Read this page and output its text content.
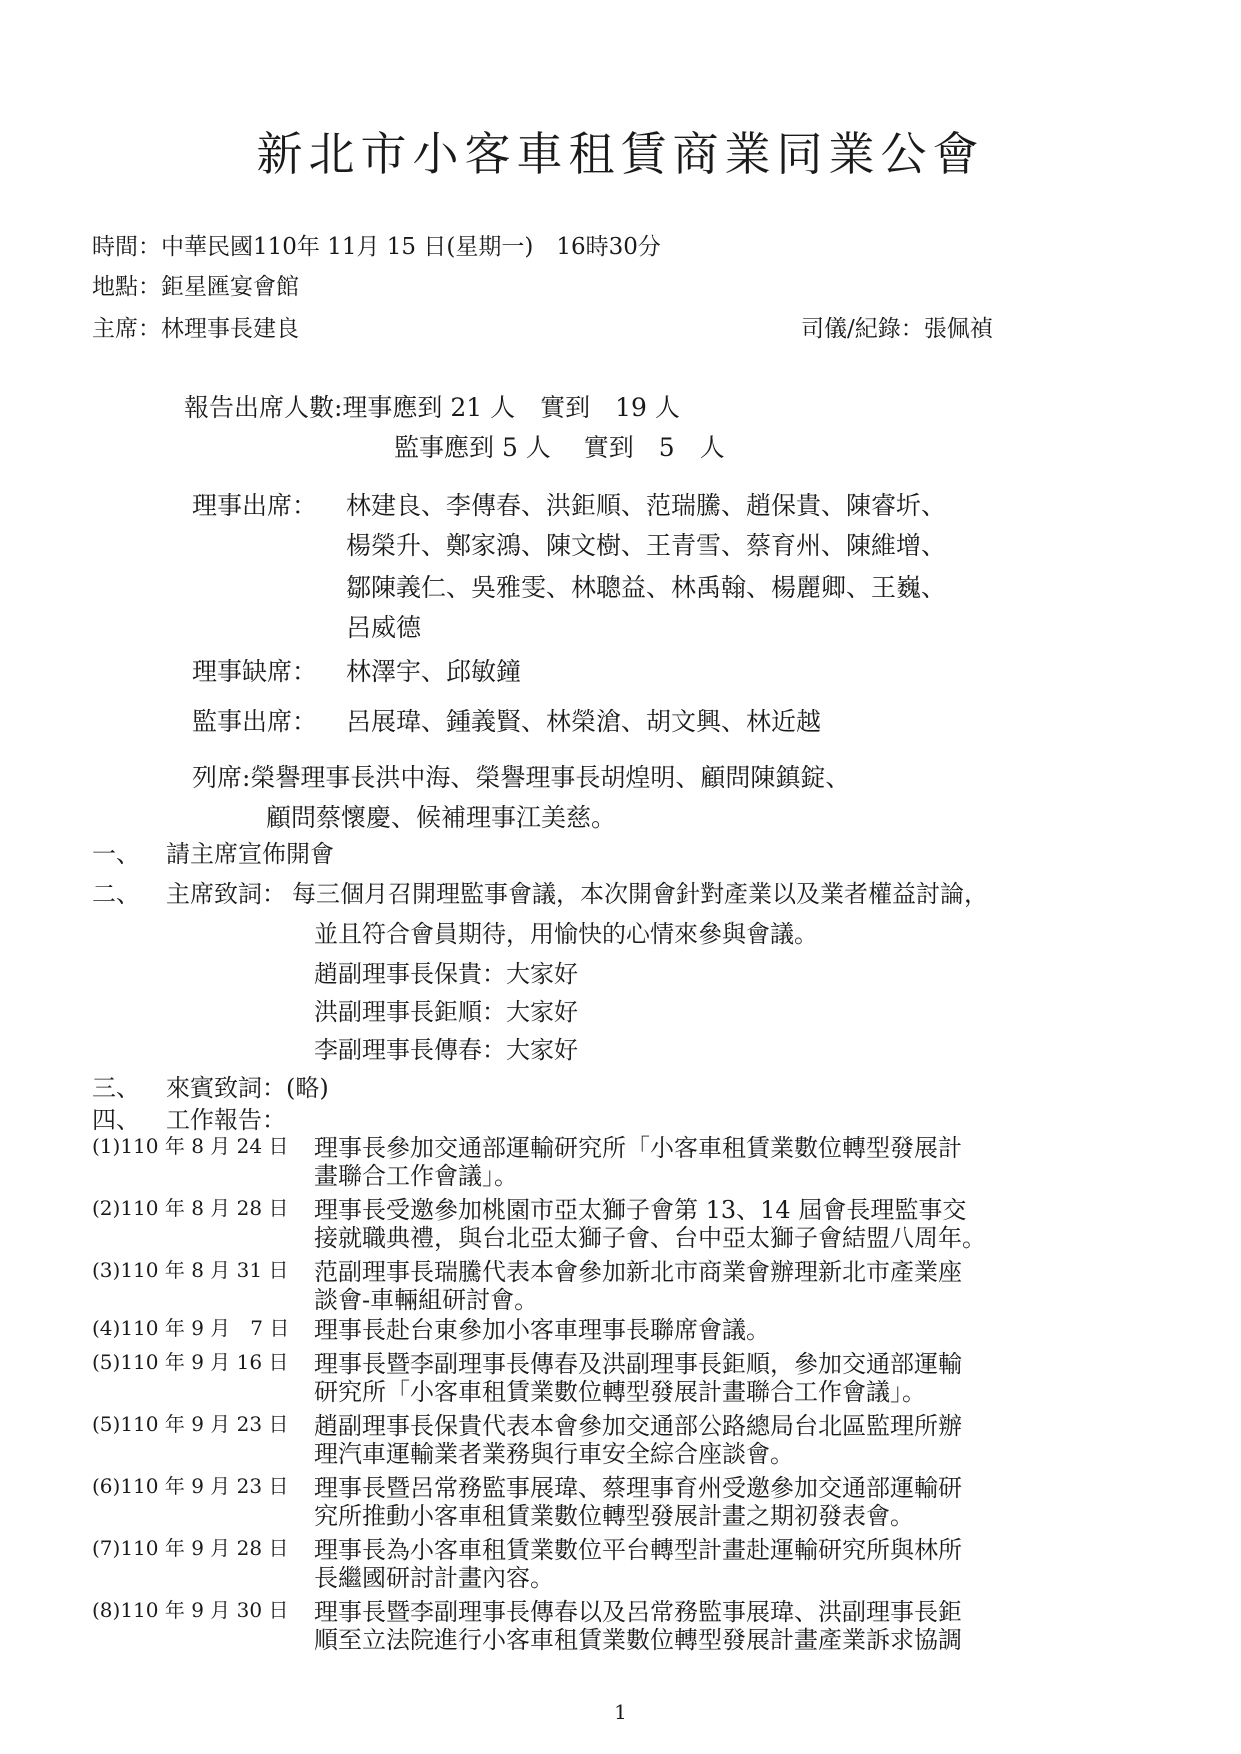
新北市小客車租賃商業同業公會
時間：中華民國110年 11月 15 日(星期一)　16時30分
地點：鉅星匯宴會館
主席：林理事長建良	司儀/紀錄：張佩禎
報告出席人數:理事應到 21 人　實到　19 人
監事應到 5 人　 實到　5　人
理事出席： 林建良、李傳春、洪鉅順、范瑞騰、趙保貴、陳睿圻、
楊榮升、鄭家鴻、陳文樹、王青雪、蔡育州、陳維增、
鄒陳義仁、吳雅雯、林聰益、林禹翰、楊麗卿、王巍、
呂威德
理事缺席： 林澤宇、邱敏鐘
監事出席： 呂展瑋、鍾義賢、林榮滄、胡文興、林近越
列席:榮譽理事長洪中海、榮譽理事長胡煌明、顧問陳鎮錠、
顧問蔡懷慶、候補理事江美慈。
一、 請主席宣佈開會
二、 主席致詞： 每三個月召開理監事會議，本次開會針對產業以及業者權益討論，
並且符合會員期待，用愉快的心情來參與會議。
趙副理事長保貴：大家好
洪副理事長鉅順：大家好
李副理事長傳春：大家好
三、 來賓致詞：(略)
四、 工作報告：
(1)110 年 8 月 24 日 理事長參加交通部運輸研究所「小客車租賃業數位轉型發展計
畫聯合工作會議」。
(2)110 年 8 月 28 日 理事長受邀參加桃園市亞太獅子會第 13、14 屆會長理監事交
接就職典禮，與台北亞太獅子會、台中亞太獅子會結盟八周年。
(3)110 年 8 月 31 日 范副理事長瑞騰代表本會參加新北市商業會辦理新北市產業座
談會-車輛組研討會。
(4)110 年 9 月　7 日 理事長赴台東參加小客車理事長聯席會議。
(5)110 年 9 月 16 日 理事長暨李副理事長傳春及洪副理事長鉅順，參加交通部運輸
研究所「小客車租賃業數位轉型發展計畫聯合工作會議」。
(5)110 年 9 月 23 日 趙副理事長保貴代表本會參加交通部公路總局台北區監理所辦
理汽車運輸業者業務與行車安全綜合座談會。
(6)110 年 9 月 23 日 理事長暨呂常務監事展瑋、蔡理事育州受邀參加交通部運輸研
究所推動小客車租賃業數位轉型發展計畫之期初發表會。
(7)110 年 9 月 28 日 理事長為小客車租賃業數位平台轉型計畫赴運輸研究所與林所
長繼國研討計畫內容。
(8)110 年 9 月 30 日 理事長暨李副理事長傳春以及呂常務監事展瑋、洪副理事長鉅
順至立法院進行小客車租賃業數位轉型發展計畫產業訴求協調
1
